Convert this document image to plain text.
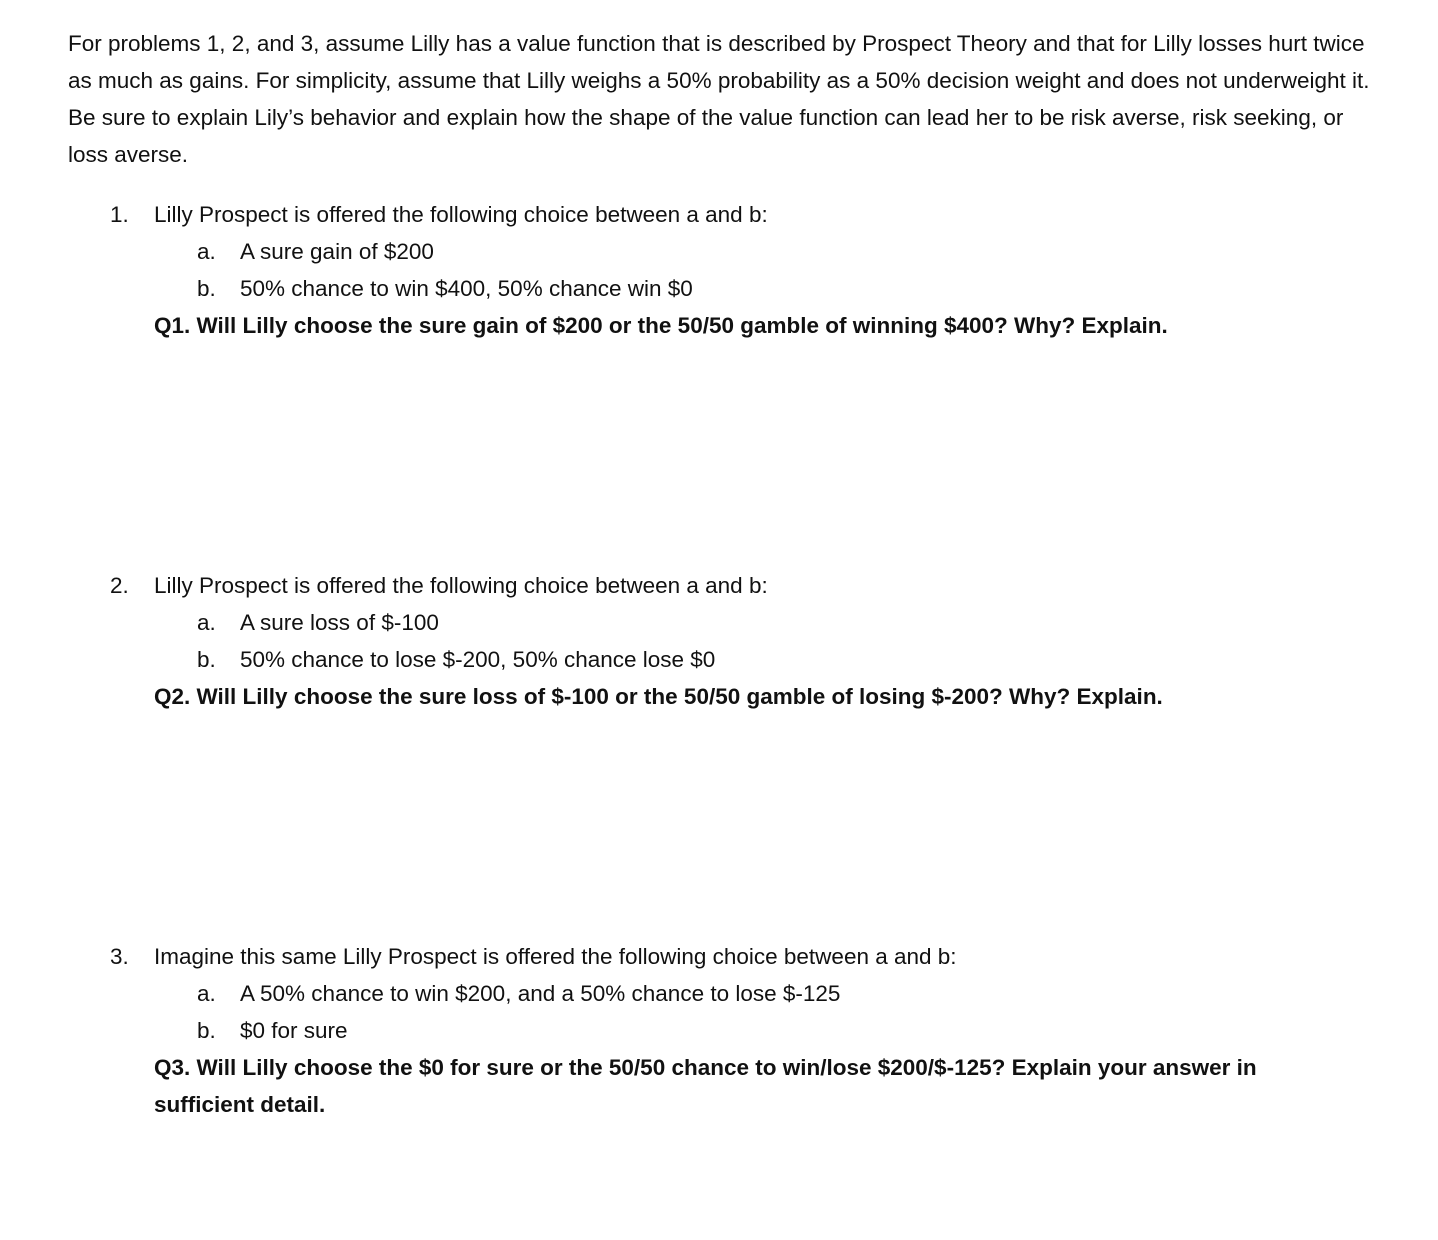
For problems 1, 2, and 3, assume Lilly has a value function that is described by Prospect Theory and that for Lilly losses hurt twice as much as gains. For simplicity, assume that Lilly weighs a 50% probability as a 50% decision weight and does not underweight it. Be sure to explain Lily’s behavior and explain how the shape of the value function can lead her to be risk averse, risk seeking, or loss averse.

1. Lilly Prospect is offered the following choice between a and b:
a. A sure gain of $200
b. 50% chance to win $400, 50% chance win $0

Q1. Will Lilly choose the sure gain of $200 or the 50/50 gamble of winning $400? Why? Explain.

2. Lilly Prospect is offered the following choice between a and b:
a. A sure loss of $-100
b. 50% chance to lose $-200, 50% chance lose $0

Q2. Will Lilly choose the sure loss of $-100 or the 50/50 gamble of losing $-200? Why? Explain.

3. Imagine this same Lilly Prospect is offered the following choice between a and b:
a. A 50% chance to win $200, and a 50% chance to lose $-125
b. $0 for sure

Q3. Will Lilly choose the $0 for sure or the 50/50 chance to win/lose $200/$-125? Explain your answer in sufficient detail.
